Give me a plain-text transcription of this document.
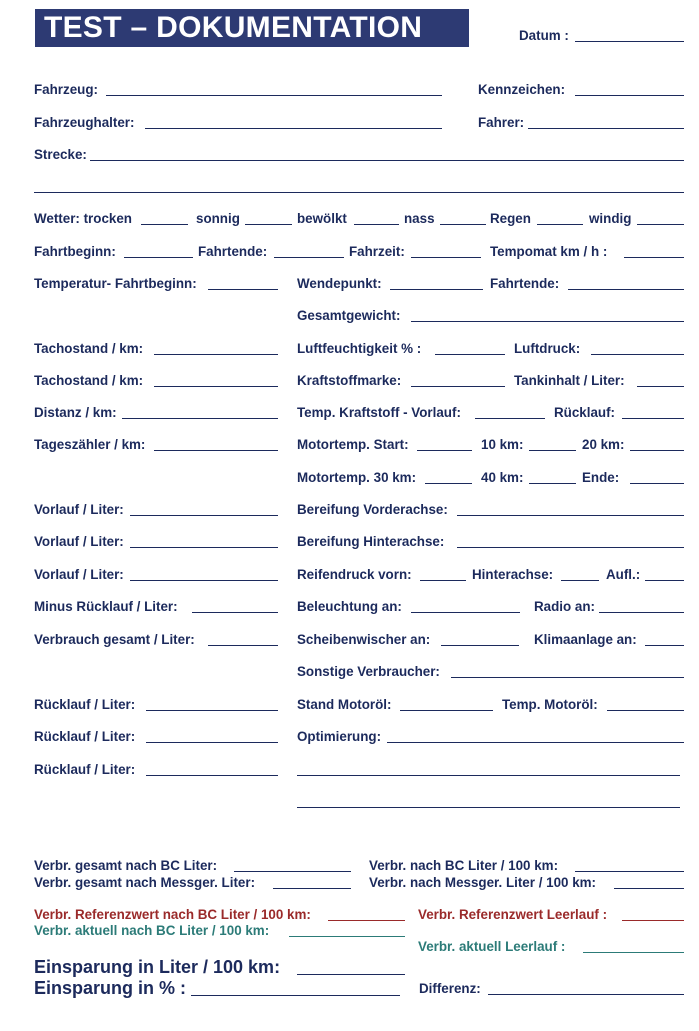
TEST – DOKUMENTATION	Datum :
Fahrzeug:	Kennzeichen:
Fahrzeughalter:	Fahrer:
Strecke:
Wetter: trocken	sonnig	bewölkt	nass	Regen	windig
Fahrtbeginn:	Fahrtende:	Fahrzeit:	Tempomat km / h :
Temperatur- Fahrtbeginn:	Wendepunkt:	Fahrtende:
Gesamtgewicht:
Tachostand / km:	Luftfeuchtigkeit % :	Luftdruck:
Tachostand / km:	Kraftstoffmarke:	Tankinhalt / Liter:
Distanz / km:	Temp. Kraftstoff - Vorlauf:	Rücklauf:
Tageszähler / km:	Motortemp. Start:	10 km:	20 km:
Motortemp. 30 km:	40 km:	Ende:
Vorlauf / Liter:	Bereifung Vorderachse:
Vorlauf / Liter:	Bereifung Hinterachse:
Vorlauf / Liter:	Reifendruck vorn:	Hinterachse:	Aufl.:
Minus Rücklauf / Liter:	Beleuchtung an:	Radio an:
Verbrauch gesamt / Liter:	Scheibenwischer an:	Klimaanlage an:
Sonstige Verbraucher:
Rücklauf / Liter:	Stand Motoröl:	Temp. Motoröl:
Rücklauf / Liter:	Optimierung:
Rücklauf / Liter:
Verbr. gesamt nach BC Liter:	Verbr. nach BC Liter / 100 km:
Verbr. gesamt nach Messger. Liter:	Verbr. nach Messger. Liter / 100 km:
Verbr. Referenzwert nach BC Liter / 100 km:	Verbr. Referenzwert Leerlauf :
Verbr. aktuell nach BC Liter / 100 km:
Verbr. aktuell Leerlauf :
Einsparung in Liter / 100 km:
Einsparung in % :	Differenz:
